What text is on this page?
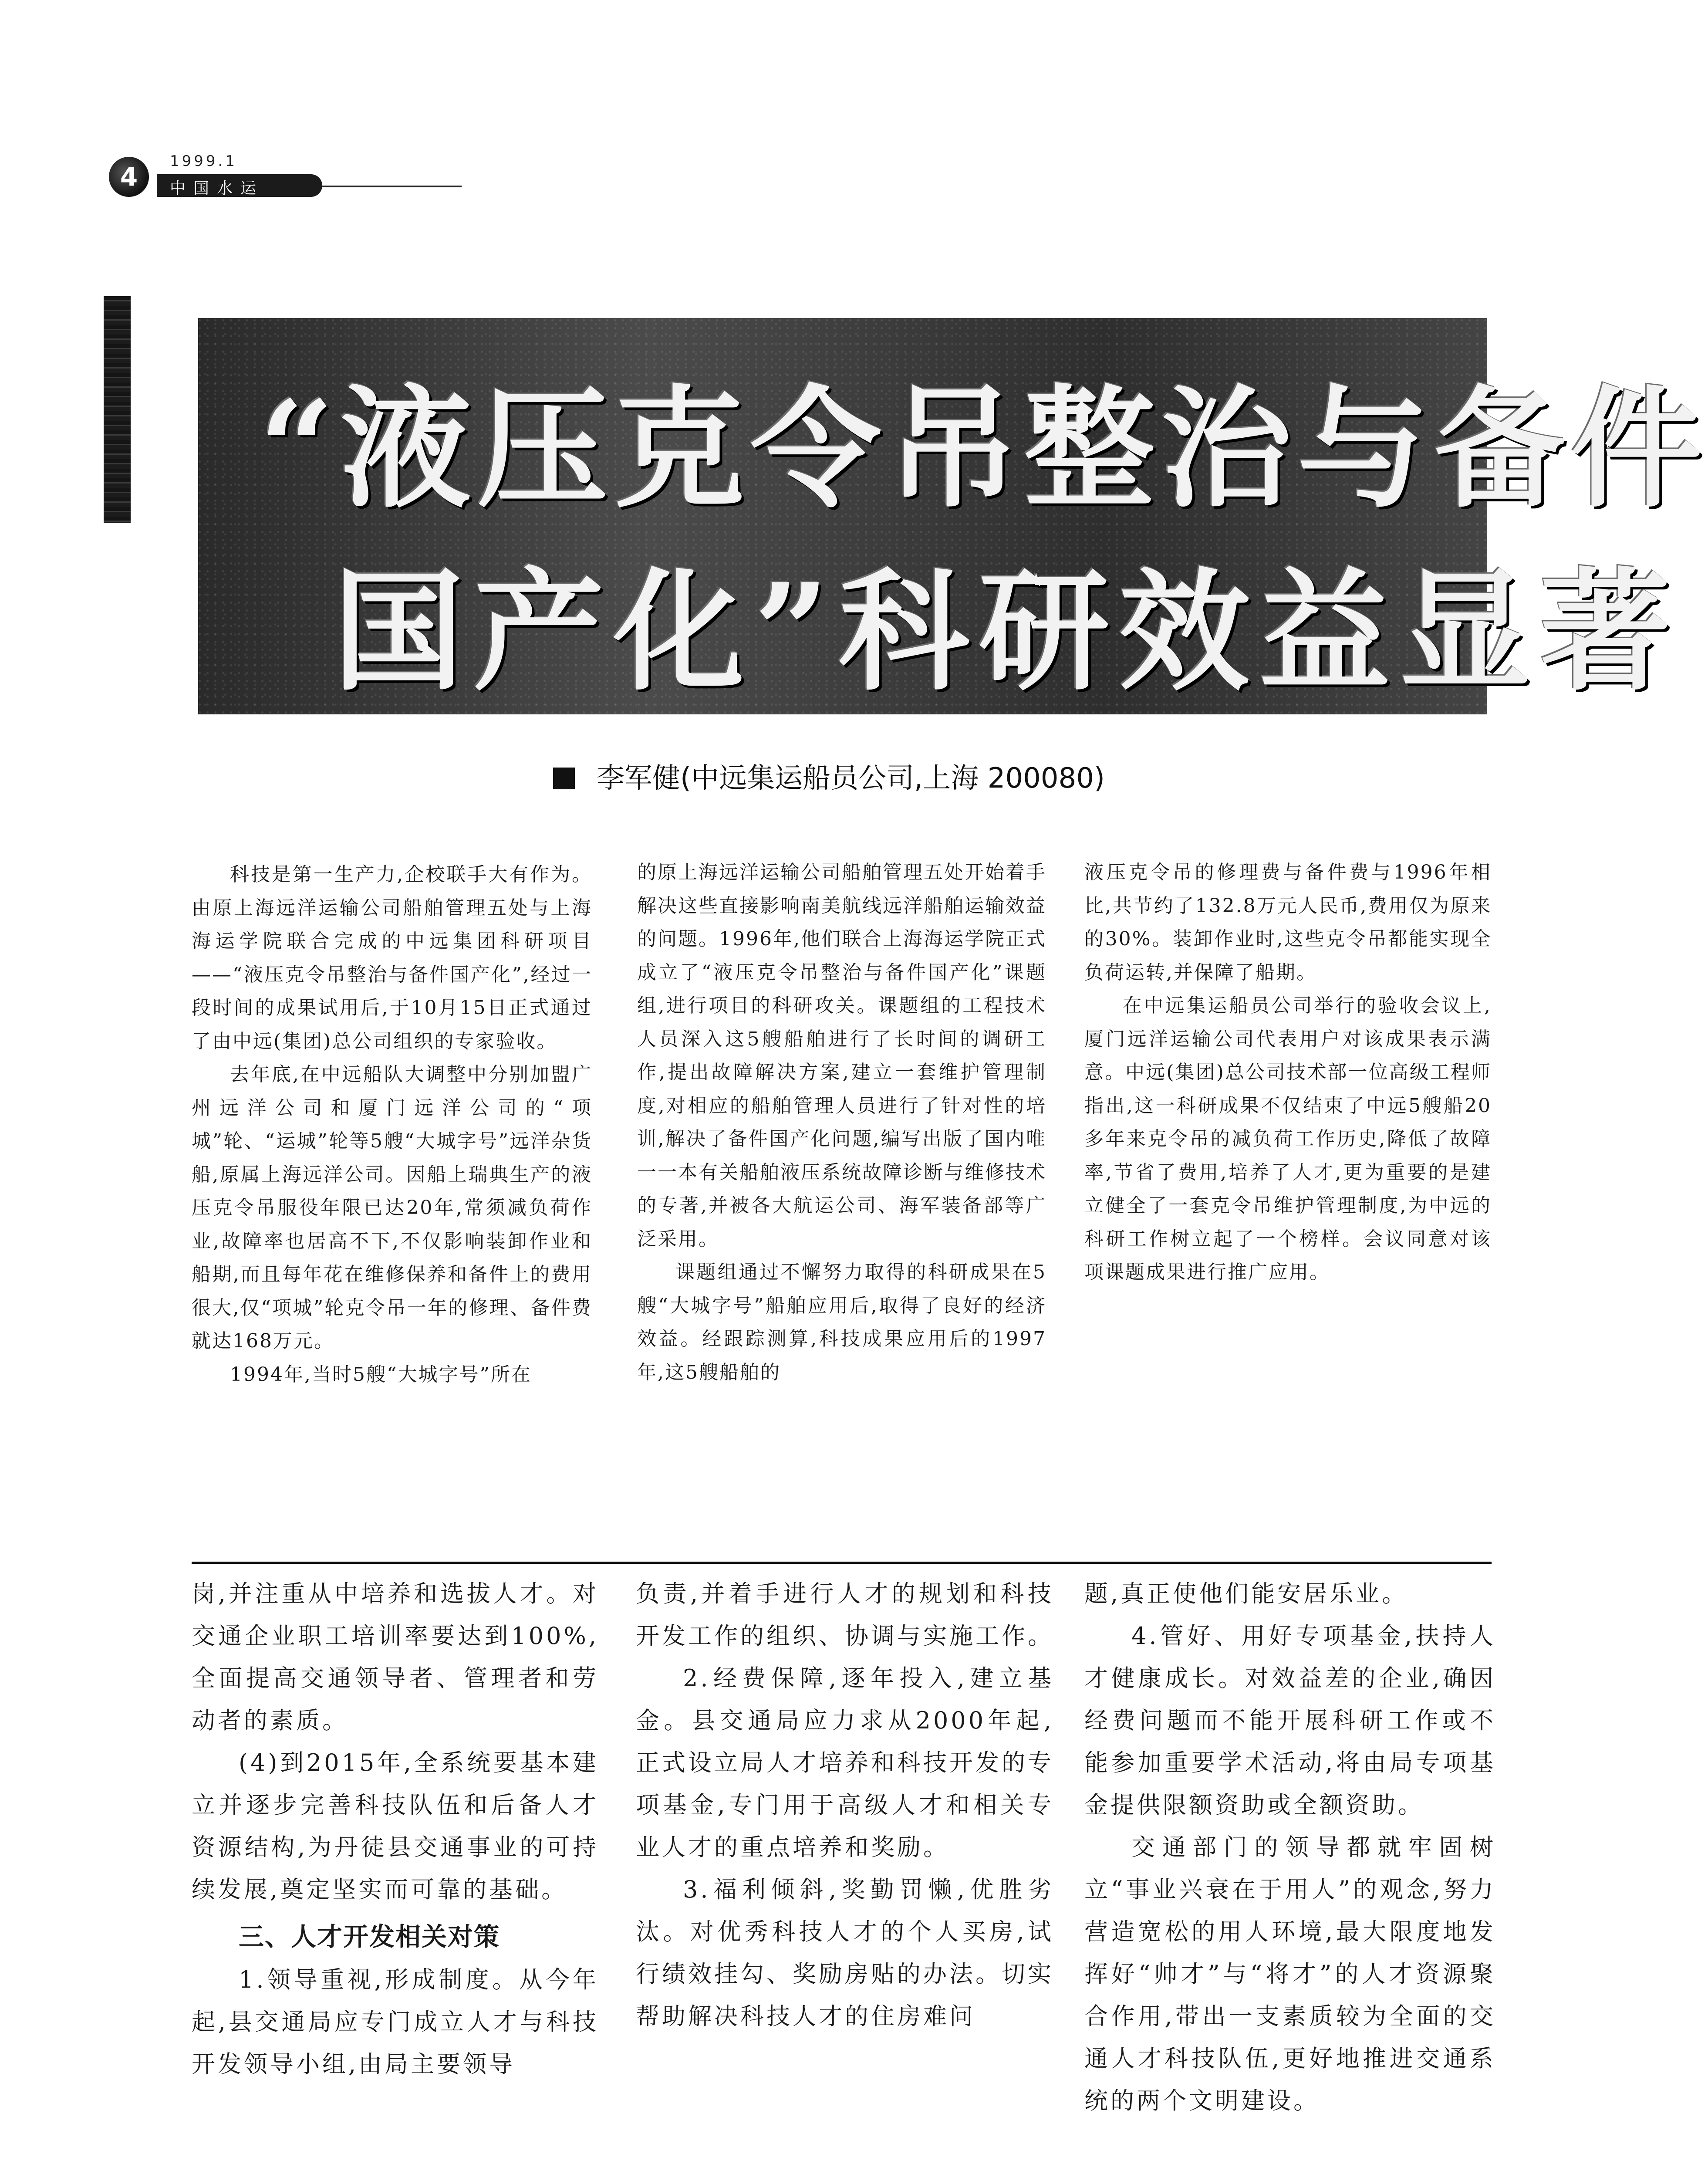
4
1999.1
中国水运
“液压克令吊整治与备件
国产化”科研效益显著
李军健(中远集运船员公司,上海 200080)

科技是第一生产力,企校联手大有作为。由原上海远洋运输公司船舶管理五处与上海海运学院联合完成的中远集团科研项目——“液压克令吊整治与备件国产化”,经过一段时间的成果试用后,于10月15日正式通过了由中远(集团)总公司组织的专家验收。

去年底,在中远船队大调整中分别加盟广州远洋公司和厦门远洋公司的“项城”轮、“运城”轮等5艘“大城字号”远洋杂货船,原属上海远洋公司。因船上瑞典生产的液压克令吊服役年限已达20年,常须减负荷作业,故障率也居高不下,不仅影响装卸作业和船期,而且每年花在维修保养和备件上的费用很大,仅“项城”轮克令吊一年的修理、备件费就达168万元。

1994年,当时5艘“大城字号”所在

的原上海远洋运输公司船舶管理五处开始着手解决这些直接影响南美航线远洋船舶运输效益的问题。1996年,他们联合上海海运学院正式成立了“液压克令吊整治与备件国产化”课题组,进行项目的科研攻关。课题组的工程技术人员深入这5艘船舶进行了长时间的调研工作,提出故障解决方案,建立一套维护管理制度,对相应的船舶管理人员进行了针对性的培训,解决了备件国产化问题,编写出版了国内唯一一本有关船舶液压系统故障诊断与维修技术的专著,并被各大航运公司、海军装备部等广泛采用。

课题组通过不懈努力取得的科研成果在5艘“大城字号”船舶应用后,取得了良好的经济效益。经跟踪测算,科技成果应用后的1997年,这5艘船舶的

液压克令吊的修理费与备件费与1996年相比,共节约了132.8万元人民币,费用仅为原来的30%。装卸作业时,这些克令吊都能实现全负荷运转,并保障了船期。

在中远集运船员公司举行的验收会议上,厦门远洋运输公司代表用户对该成果表示满意。中远(集团)总公司技术部一位高级工程师指出,这一科研成果不仅结束了中远5艘船20多年来克令吊的减负荷工作历史,降低了故障率,节省了费用,培养了人才,更为重要的是建立健全了一套克令吊维护管理制度,为中远的科研工作树立起了一个榜样。会议同意对该项课题成果进行推广应用。

岗,并注重从中培养和选拔人才。对交通企业职工培训率要达到100%,全面提高交通领导者、管理者和劳动者的素质。

(4)到2015年,全系统要基本建立并逐步完善科技队伍和后备人才资源结构,为丹徒县交通事业的可持续发展,奠定坚实而可靠的基础。

三、人才开发相关对策

1.领导重视,形成制度。从今年起,县交通局应专门成立人才与科技开发领导小组,由局主要领导

负责,并着手进行人才的规划和科技开发工作的组织、协调与实施工作。

2.经费保障,逐年投入,建立基金。县交通局应力求从2000年起,正式设立局人才培养和科技开发的专项基金,专门用于高级人才和相关专业人才的重点培养和奖励。

3.福利倾斜,奖勤罚懒,优胜劣汰。对优秀科技人才的个人买房,试行绩效挂勾、奖励房贴的办法。切实帮助解决科技人才的住房难问

题,真正使他们能安居乐业。

4.管好、用好专项基金,扶持人才健康成长。对效益差的企业,确因经费问题而不能开展科研工作或不能参加重要学术活动,将由局专项基金提供限额资助或全额资助。

交通部门的领导都就牢固树立“事业兴衰在于用人”的观念,努力营造宽松的用人环境,最大限度地发挥好“帅才”与“将才”的人才资源聚合作用,带出一支素质较为全面的交通人才科技队伍,更好地推进交通系统的两个文明建设。
